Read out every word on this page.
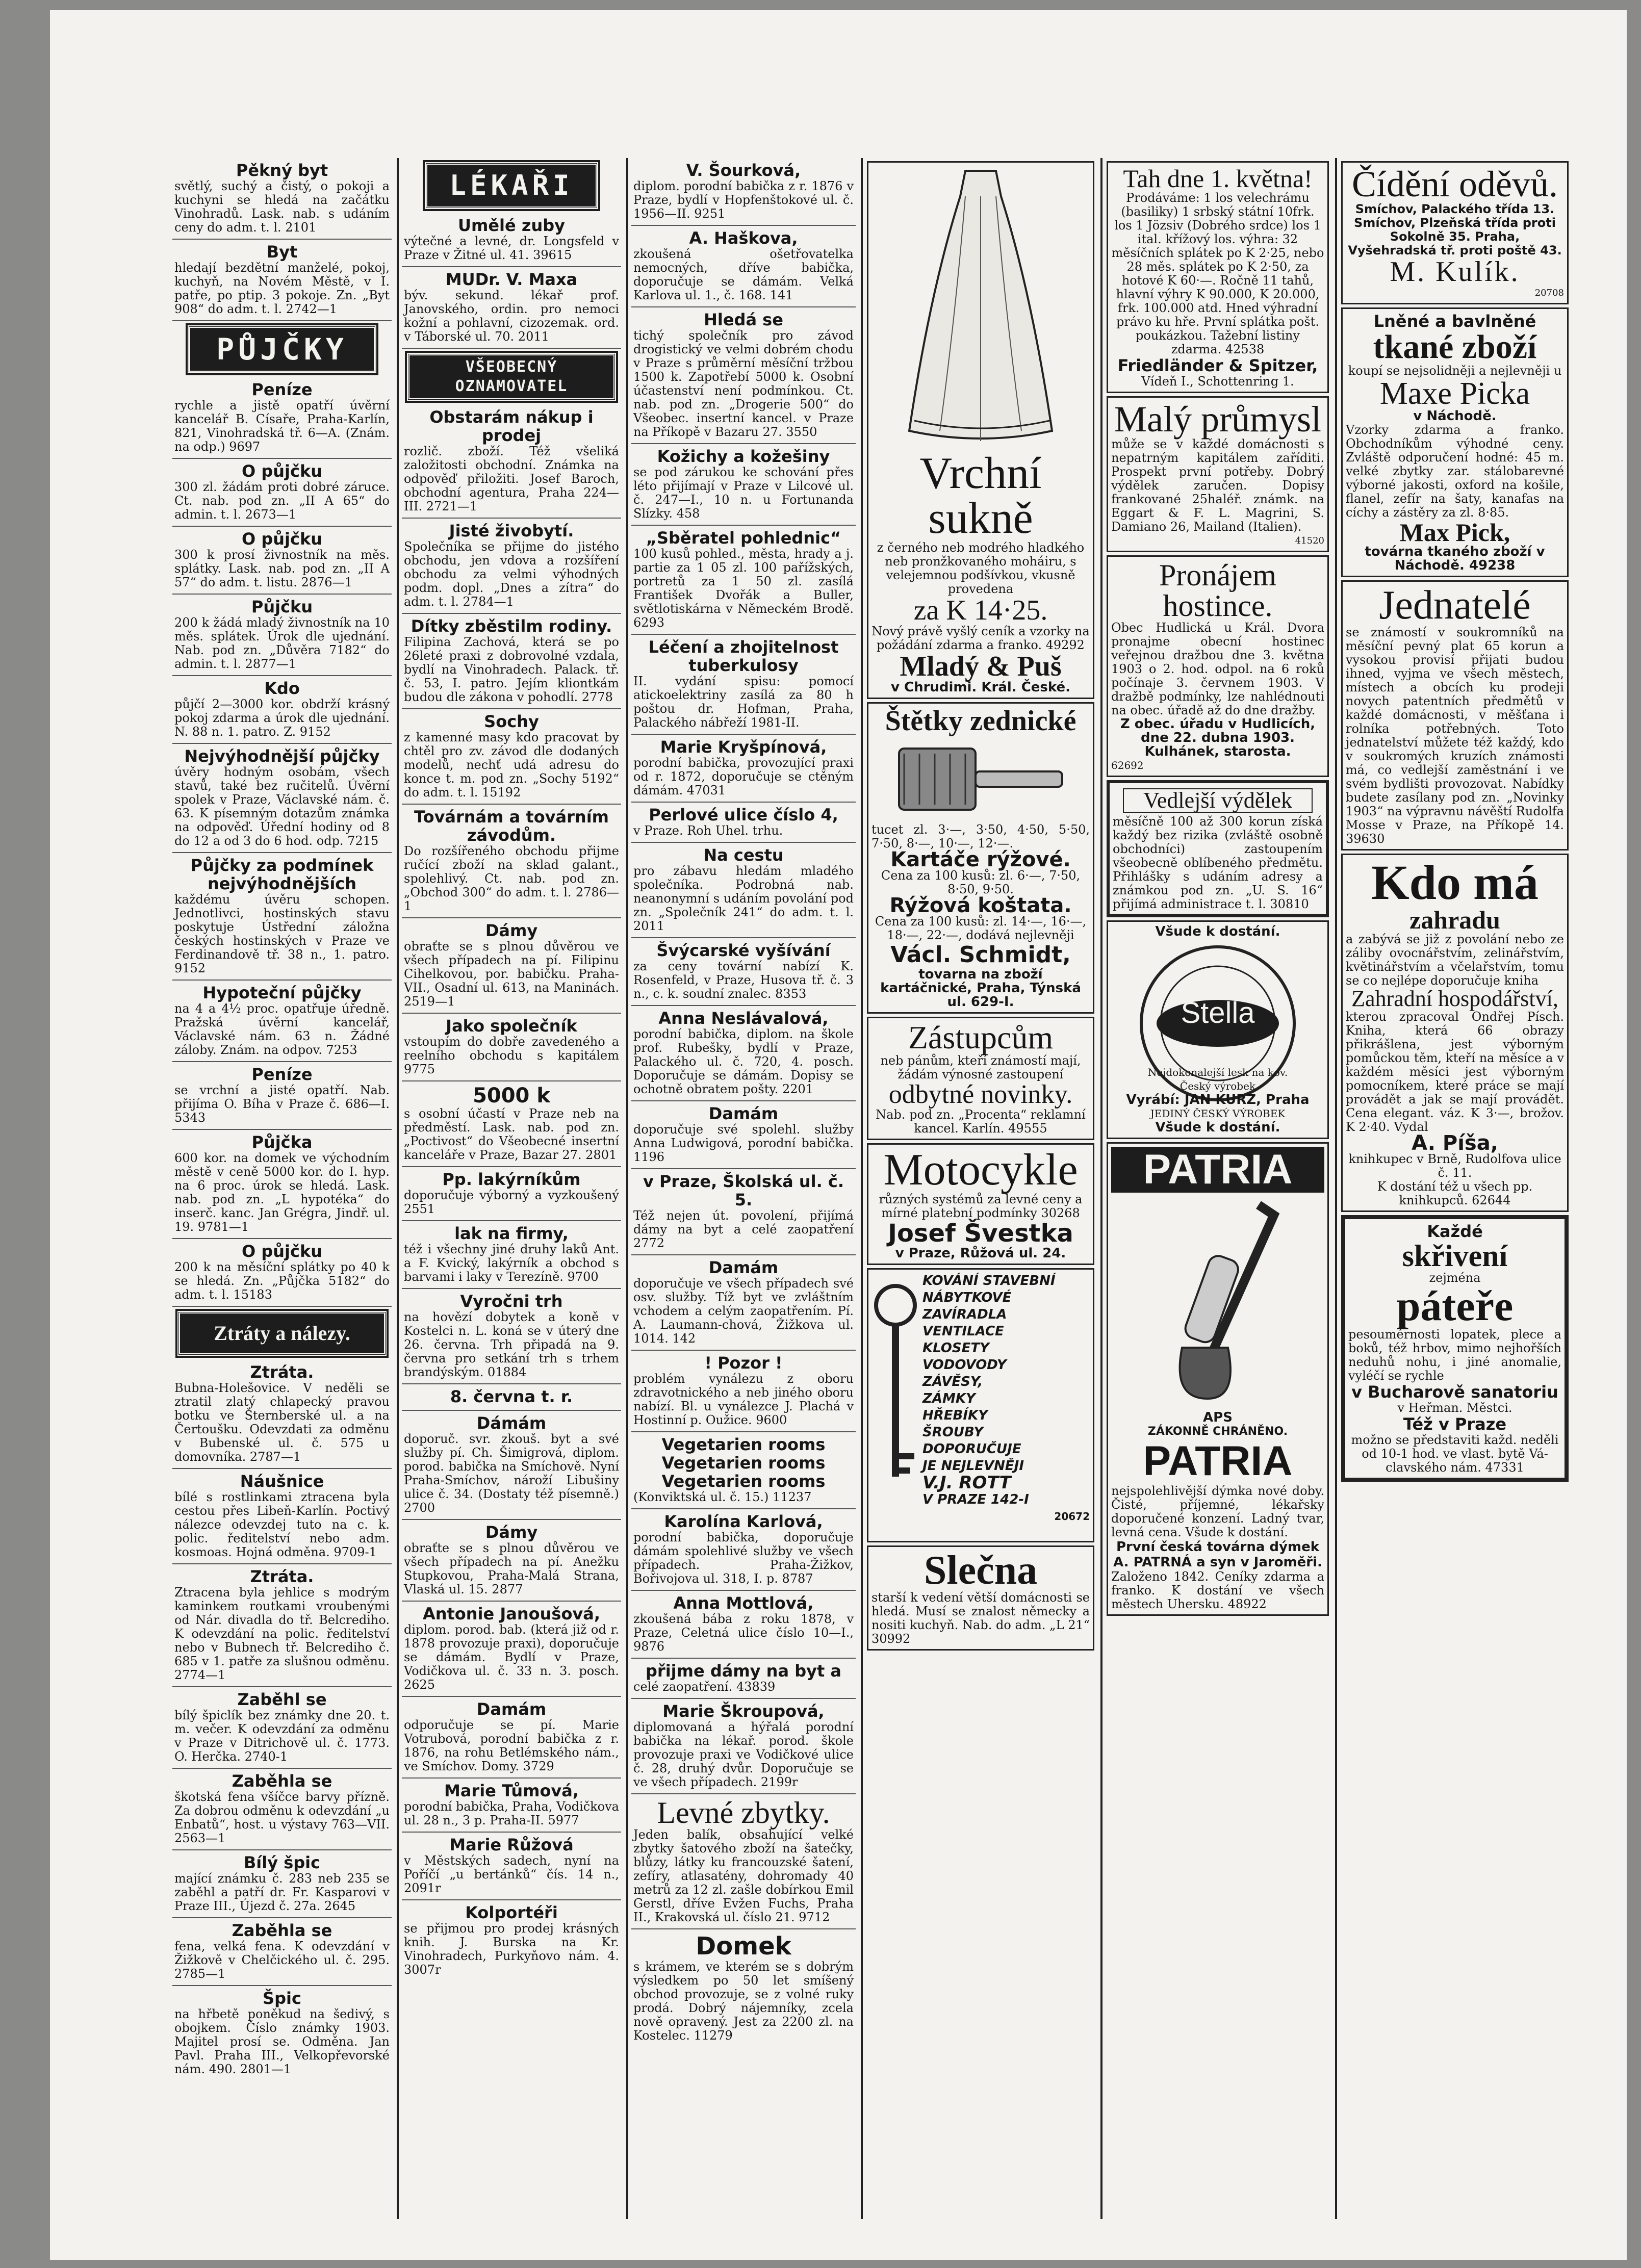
Pěkný byt
světlý, suchý a čistý, o pokoji a kuchyni se hledá na začátku Vinohradů. Lask. nab. s udáním ceny do adm. t. l. 2101
Byt
hledají bezdětní manželé, pokoj, kuchyň, na Novém Městě, v I. patře, po ptip. 3 pokoje. Zn. „Byt 908“ do adm. t. l. 2742—1
PŮJČKY
Peníze
rychle a jistě opatří úvěrní kancelář B. Císaře, Praha-Karlín, 821, Vinohradská tř. 6—A. (Znám. na odp.) 9697
O půjčku
300 zl. žádám proti dobré záruce. Ct. nab. pod zn. „II A 65“ do admin. t. l. 2673—1
O půjčku
300 k prosí živnostník na měs. splátky. Lask. nab. pod zn. „II A 57“ do adm. t. listu. 2876—1
Půjčku
200 k žádá mladý živnostník na 10 měs. splátek. Úrok dle ujednání. Nab. pod zn. „Důvěra 7182“ do admin. t. l. 2877—1
Kdo
půjčí 2—3000 kor. obdrží krásný pokoj zdarma a úrok dle ujednání. N. 88 n. 1. patro. Z. 9152
Nejvýhodnější půjčky
úvěry hodným osobám, všech stavů, také bez ručitelů. Úvěrní spolek v Praze, Václavské nám. č. 63. K písemným dotazům známka na odpověď. Úřední hodiny od 8 do 12 a od 3 do 6 hod. odp. 7215
Půjčky za podmínek nejvýhodnějších
každému úvěru schopen. Jednotlivci, hostinských stavu poskytuje Ústřední záložna českých hostinských v Praze ve Ferdinandově tř. 38 n., 1. patro. 9152
Hypoteční půjčky
na 4 a 4½ proc. opatřuje úředně. Pražská úvěrní kancelář, Václavské nám. 63 n. Žádné záloby. Znám. na odpov. 7253
Peníze
se vrchní a jisté opatří. Nab. přijíma O. Bíha v Praze č. 686—I. 5343
Půjčka
600 kor. na domek ve východním městě v ceně 5000 kor. do I. hyp. na 6 proc. úrok se hledá. Lask. nab. pod zn. „L hypotéka“ do inserč. kanc. Jan Grégra, Jindř. ul. 19. 9781—1
O půjčku
200 k na měsíční splátky po 40 k se hledá. Zn. „Půjčka 5182“ do adm. t. l. 15183
Ztráty a nálezy.
Ztráta.
Bubna-Holešovice. V neděli se ztratil zlatý chlapecký pravou botku ve Šternberské ul. a na Čertoušku. Odevzdati za odměnu v Bubenské ul. č. 575 u domovníka. 2787—1
Náušnice
bílé s rostlinkami ztracena byla cestou přes Libeň-Karlín. Poctivý nálezce odevzdej tuto na c. k. polic. ředitelství nebo adm. kosmoas. Hojná odměna. 9709-1
Ztráta.
Ztracena byla jehlice s modrým kaminkem routkami vroubenými od Nár. divadla do tř. Belcrediho. K odevzdání na polic. ředitelství nebo v Bubnech tř. Belcrediho č. 685 v 1. patře za slušnou odměnu. 2774—1
Zaběhl se
bílý špiclík bez známky dne 20. t. m. večer. K odevzdání za odměnu v Praze v Ditrichově ul. č. 1773. O. Herčka. 2740-1
Zaběhla se
škotská fena všíčce barvy přízně. Za dobrou odměnu k odevzdání „u Enbatů“, host. u výstavy 763—VII. 2563—1
Bílý špic
mající známku č. 283 neb 235 se zaběhl a patří dr. Fr. Kasparovi v Praze III., Újezd č. 27a. 2645
Zaběhla se
fena, velká fena. K odevzdání v Žižkově v Chelčického ul. č. 295. 2785—1
Špic
na hřbetě poněkud na šedivý, s obojkem. Číslo známky 1903. Majitel prosí se. Odměna. Jan Pavl. Praha III., Velkopřevorské nám. 490. 2801—1
LÉKAŘI
Umělé zuby
výtečné a levné, dr. Longsfeld v Praze v Žitné ul. 41. 39615
MUDr. V. Maxa
býv. sekund. lékař prof. Janovského, ordin. pro nemoci kožní a pohlavní, cizozemak. ord. v Táborské ul. 70. 2011
VŠEOBECNÝ OZNAMOVATEL
Obstarám nákup i prodej
rozlič. zboží. Též všeliká založitosti obchodní. Známka na odpověď přiložiti. Josef Baroch, obchodní agentura, Praha 224—III. 2721—1
Jisté živobytí.
Společníka se přijme do jistého obchodu, jen vdova a rozšíření obchodu za velmi výhodných podm. dopl. „Dnes a zítra“ do adm. t. l. 2784—1
Dítky zběstilm rodiny.
Filipina Zachová, která se po 26leté praxi z dobrovolné vzdala, bydlí na Vinohradech. Palack. tř. č. 53, I. patro. Jejím kliontkám budou dle zákona v pohodlí. 2778
Sochy
z kamenné masy kdo pracovat by chtěl pro zv. závod dle dodaných modelů, nechť udá adresu do konce t. m. pod zn. „Sochy 5192“ do adm. t. l. 15192
Továrnám a továrním závodům.
Do rozšířeného obchodu přijme ručící zboží na sklad galant., spolehlivý. Ct. nab. pod zn. „Obchod 300“ do adm. t. l. 2786—1
Dámy
obraťte se s plnou důvěrou ve všech případech na pí. Filipinu Cihelkovou, por. babičku. Praha-VII., Osadní ul. 613, na Maninách. 2519—1
Jako společník
vstoupím do dobře zavedeného a reelního obchodu s kapitálem 9775
5000 k
s osobní účastí v Praze neb na předměstí. Lask. nab. pod zn. „Poctivost“ do Všeobecné insertní kanceláře v Praze, Bazar 27. 2801
Pp. lakýrníkům
doporučuje výborný a vyzkoušený 2551
lak na firmy,
též i všechny jiné druhy laků Ant. a F. Kvický, lakýrník a obchod s barvami i laky v Terezíně. 9700
Vyročni trh
na hovězí dobytek a koně v Kostelci n. L. koná se v úterý dne 26. června. Trh připadá na 9. června pro setkání trh s trhem brandýským. 01884
8. června t. r.
Dámám
doporuč. svr. zkouš. byt a své služby pí. Ch. Šimigrová, diplom. porod. babička na Smíchově. Nyní Praha-Smíchov, nároží Libušiny ulice č. 34. (Dostaty též písemně.) 2700
Dámy
obraťte se s plnou důvěrou ve všech případech na pí. Anežku Stupkovou, Praha-Malá Strana, Vlaská ul. 15. 2877
Antonie Janoušová,
diplom. porod. bab. (která již od r. 1878 provozuje praxi), doporučuje se dámám. Bydlí v Praze, Vodičkova ul. č. 33 n. 3. posch. 2625
Damám
odporučuje se pí. Marie Votrubová, porodní babička z r. 1876, na rohu Betlémského nám., ve Smíchov. Domy. 3729
Marie Tůmová,
porodní babička, Praha, Vodičkova ul. 28 n., 3 p. Praha-II. 5977
Marie Růžová
v Městských sadech, nyní na Poříčí „u bertánků“ čís. 14 n., 2091r
Kolportéři
se přijmou pro prodej krásných knih. J. Burska na Kr. Vinohradech, Purkyňovo nám. 4. 3007r
V. Šourková,
diplom. porodní babička z r. 1876 v Praze, bydlí v Hopfenštokové ul. č. 1956—II. 9251
A. Haškova,
zkoušená ošetřovatelka nemocných, dříve babička, doporučuje se dámám. Velká Karlova ul. 1., č. 168. 141
Hledá se
tichý společník pro závod drogistický ve velmi dobrém chodu v Praze s průměrní měsíční tržbou 1500 k. Zapotřebí 5000 k. Osobní účastenství není podmínkou. Ct. nab. pod zn. „Drogerie 500“ do Všeobec. insertní kancel. v Praze na Příkopě v Bazaru 27. 3550
Kožichy a kožešiny
se pod zárukou ke schování přes léto přijímají v Praze v Lilcové ul. č. 247—I., 10 n. u Fortunanda Slízky. 458
„Sběratel pohlednic“
100 kusů pohled., města, hrady a j. partie za 1 05 zl. 100 pařížských, portretů za 1 50 zl. zasílá František Dvořák a Buller, světlotiskárna v Německém Brodě. 6293
Léčení a zhojitelnost tuberkulosy
II. vydání spisu: pomocí atickoelektriny zasílá za 80 h poštou dr. Hofman, Praha, Palackého nábřeží 1981-II.
Marie Kryšpínová,
porodní babička, provozující praxi od r. 1872, doporučuje se ctěným dámám. 47031
Perlové ulice číslo 4,
v Praze. Roh Uhel. trhu.
Na cestu
pro zábavu hledám mladého společníka. Podrobná nab. neanonymní s udáním povolání pod zn. „Společník 241“ do adm. t. l. 2011
Švýcarské vyšívání
za ceny tovární nabízí K. Rosenfeld, v Praze, Husova tř. č. 3 n., c. k. soudní znalec. 8353
Anna Neslávalová,
porodní babička, diplom. na škole prof. Rubešky, bydlí v Praze, Palackého ul. č. 720, 4. posch. Doporučuje se dámám. Dopisy se ochotně obratem pošty. 2201
Damám
doporučuje své spolehl. služby Anna Ludwigová, porodní babička. 1196
v Praze, Školská ul. č. 5.
Též nejen út. povolení, přijímá dámy na byt a celé zaopatření 2772
Damám
doporučuje ve všech případech své osv. služby. Tíž byt ve zvláštním vchodem a celým zaopatřením. Pí. A. Laumann-chová, Žižkova ul. 1014. 142
! Pozor !
problém vynálezu z oboru zdravotnického a neb jiného oboru nabízí. Bl. u vynálezce J. Plachá v Hostinní p. Oužice. 9600
Vegetarien rooms Vegetarien rooms Vegetarien rooms
(Konviktská ul. č. 15.) 11237
Karolína Karlová,
porodní babička, doporučuje dámám spolehlivé služby ve všech případech. Praha-Žižkov, Bořivojova ul. 318, I. p. 8787
Anna Mottlová,
zkoušená bába z roku 1878, v Praze, Celetná ulice číslo 10—I., 9876
přijme dámy na byt a
celé zaopatření. 43839
Marie Škroupová,
diplomovaná a hýřalá porodní babička na lékař. porod. škole provozuje praxi ve Vodičkové ulice č. 28, druhý dvůr. Doporučuje se ve všech případech. 2199r
Levné zbytky.
Jeden balík, obsahující velké zbytky šatového zboží na šatečky, blůzy, látky ku francouzské šatení, zefíry, atlasatény, dohromady 40 metrů za 12 zl. zašle dobírkou Emil Gerstl, dříve Evžen Fuchs, Praha II., Krakovská ul. číslo 21. 9712
Domek
s krámem, ve kterém se s dobrým výsledkem po 50 let smíšený obchod provozuje, se z volné ruky prodá. Dobrý nájemníky, zcela nově opravený. Jest za 2200 zl. na Kostelec. 11279
Vrchní sukně
z černého neb modrého hladkého neb pronžkovaného moháiru, s velejemnou podšívkou, vkusně provedena
za K 14·25.
Nový právě vyšlý ceník a vzorky na požádání zdarma a franko. 49292
Mladý & Puš
v Chrudimi. Král. České.
Štětky zednické
tucet zl. 3·—, 3·50, 4·50, 5·50, 7·50, 8·—, 10·—, 12·—.
Kartáče rýžové.
Cena za 100 kusů: zl. 6·—, 7·50, 8·50, 9·50.
Rýžová koštata.
Cena za 100 kusů: zl. 14·—, 16·—, 18·—, 22·—, dodává nejlevněji
Václ. Schmidt,
tovarna na zboží kartáčnické, Praha, Týnská ul. 629-I.
Zástupcům
neb pánům, kteří známostí mají, žádám výnosné zastoupení
odbytné novinky.
Nab. pod zn. „Procenta“ reklamní kancel. Karlín. 49555
Motocykle
různých systémů za levné ceny a mírné platební podmínky 30268
Josef Švestka
v Praze, Růžová ul. 24.
KOVÁNÍ STAVEBNÍ
NÁBYTKOVÉ
ZAVÍRADLA
VENTILACE
KLOSETY
VODOVODY
ZÁVĚSY,
ZÁMKY
HŘEBÍKY
ŠROUBY
DOPORUČUJE
JE NEJLEVNĚJI
V.J. ROTT
V PRAZE 142-I
20672
Slečna
starší k vedení větší domácnosti se hledá. Musí se znalost německy a nositi kuchyň. Nab. do adm. „L 21“ 30992
Tah dne 1. května!
Prodáváme: 1 los velechrámu (basiliky) 1 srbský státní 10frk. los 1 Jözsiv (Dobrého srdce) los 1 ital. křížový los. výhra: 32 měsíčních splátek po K 2·25, nebo 28 měs. splátek po K 2·50, za hotové K 60·—. Ročně 11 tahů, hlavní výhry K 90.000, K 20.000, frk. 100.000 atd. Hned výhradní právo ku hře. První splátka pošt. poukázkou. Tažební listiny zdarma. 42538
Friedländer & Spitzer,
Vídeň I., Schottenring 1.
Malý průmysl
může se v každé domácnosti s nepatrným kapitálem zaříditi. Prospekt první potřeby. Dobrý výdělek zaručen. Dopisy frankované 25haléř. známk. na Eggart & F. L. Magrini, S. Damiano 26, Mailand (Italien).
41520
Pronájem hostince.
Obec Hudlická u Král. Dvora pronajme obecní hostinec veřejnou dražbou dne 3. května 1903 o 2. hod. odpol. na 6 roků počínaje 3. červnem 1903. V dražbě podmínky, lze nahlédnouti na obec. úřadě až do dne dražby.
Z obec. úřadu v Hudlicích, dne 22. dubna 1903.
Kulhánek, starosta.
62692
Vedlejší výdělek
měsíčně 100 až 300 korun získá každý bez rizika (zvláště osobně obchodníci) zastoupením všeobecně oblíbeného předmětu. Přihlášky s udáním adresy a známkou pod zn. „U. S. 16“ přijímá administrace t. l. 30810
Všude k dostání.
Stella
Nejdokonalejší lesk na kov.
Český výrobek
Vyrábí: JAN KURZ, Praha
JEDINÝ ČESKÝ VÝROBEK
Všude k dostání.
PATRIA
APS
ZÁKONNĚ CHRÁNĚNO.
PATRIA
nejspolehlivější dýmka nové doby. Čisté, příjemné, lékařsky doporučené konzení. Ladný tvar, levná cena. Všude k dostání.
První česká továrna dýmek A. PATRNÁ a syn v Jaroměři.
Založeno 1842. Ceníky zdarma a franko. K dostání ve všech městech Uhersku. 48922
Čídění oděvů.
Smíchov, Palackého třída 13. Smíchov, Plzeňská třída proti Sokolně 35. Praha, Vyšehradská tř. proti poště 43.
M. Kulík.
20708
Lněné a bavlněné
tkané zboží
koupí se nejsolidněji a nejlevněji u
Maxe Picka
v Náchodě.
Vzorky zdarma a franko. Obchodníkům výhodné ceny. Zvláště odporučení hodné: 45 m. velké zbytky zar. stálobarevné výborné jakosti, oxford na košile, flanel, zefír na šaty, kanafas na cíchy a zástěry za zl. 8·85.
Max Pick,
továrna tkaného zboží v Náchodě. 49238
Jednatelé
se známostí v soukromníků na měsíční pevný plat 65 korun a vysokou provisí přijati budou ihned, vyjma ve všech městech, místech a obcích ku prodeji novych patentních předmětů v každé domácnosti, v měšťana i rolníka potřebných. Toto jednatelství můžete též každý, kdo v soukromých kruzích známosti má, co vedlejší zaměstnání i ve svém bydlišti provozovat. Nabídky budete zasílany pod zn. „Novinky 1903“ na výpravnu návěští Rudolfa Mosse v Praze, na Příkopě 14. 39630
Kdo má
zahradu
a zabývá se již z povolání nebo ze záliby ovocnářstvím, zelinářstvím, květinářstvím a včelařstvím, tomu se co nejlépe doporučuje kniha
Zahradní hospodářství,
kterou zpracoval Ondřej Písch. Kniha, která 66 obrazy přikrášlena, jest výborným pomůckou těm, kteří na měsíce a v každém měsíci jest výborným pomocníkem, které práce se mají provádět a jak se mají provádět. Cena elegant. váz. K 3·—, brožov. K 2·40. Vydal
A. Píša,
knihkupec v Brně, Rudolfova ulice č. 11.
K dostání též u všech pp. knihkupců. 62644
Každé
skřivení
zejména
páteře
pesoumérnosti lopatek, plece a boků, též hrbov, mimo nejhořších neduhů nohu, i jiné anomalie, vyléčí se rychle
v Bucharově sanatoriu
v Heřman. Městci.
Též v Praze
možno se představiti každ. neděli od 10-1 hod. ve vlast. bytě Vá-clavského nám. 47331
